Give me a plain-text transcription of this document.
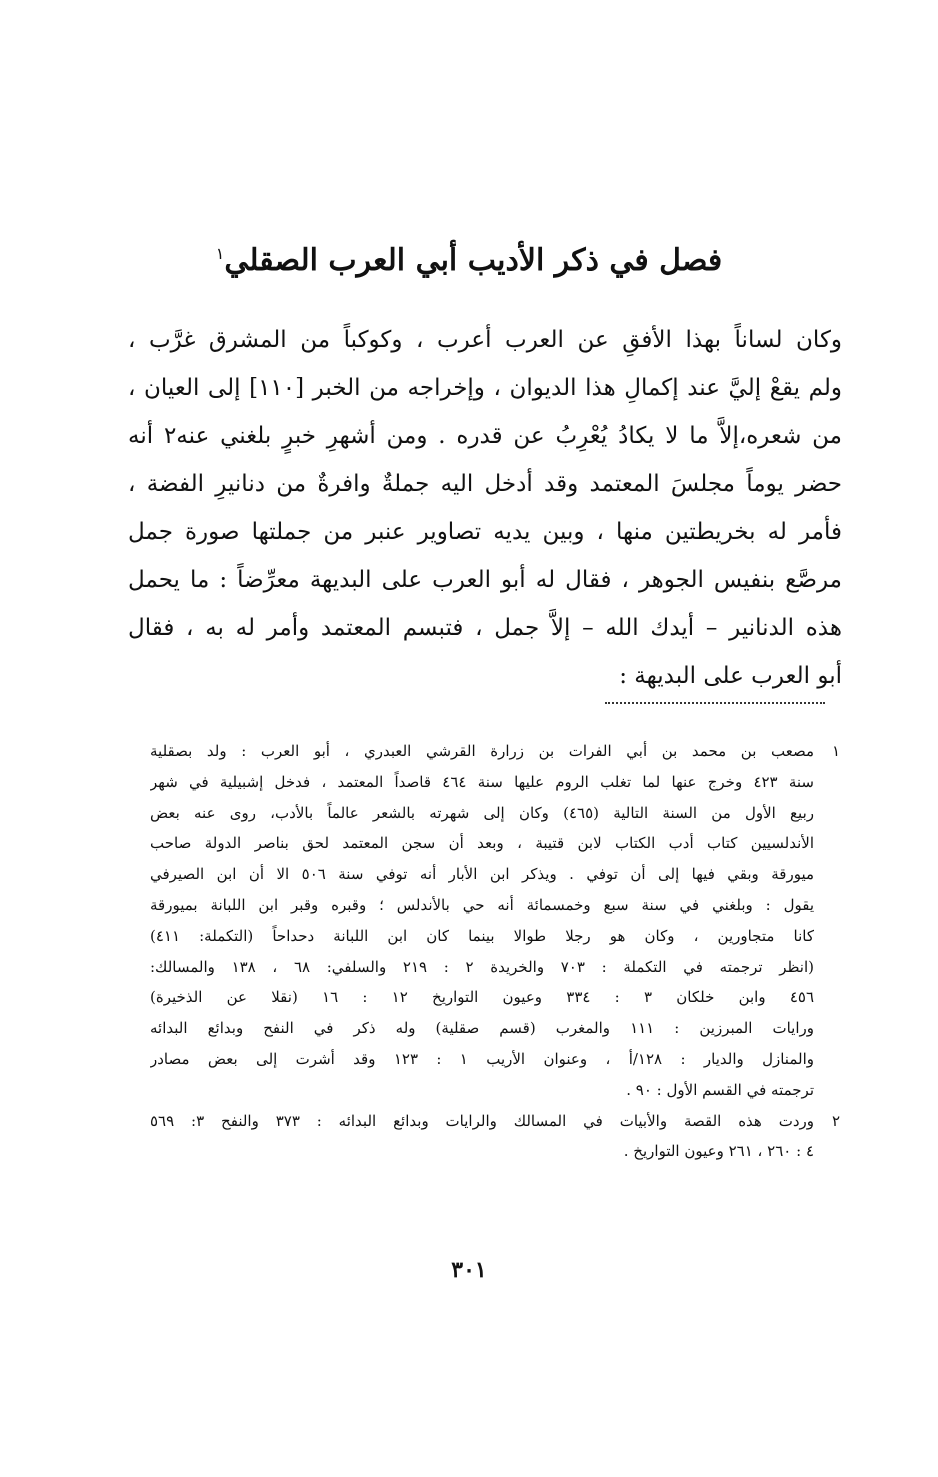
فصل في ذكر الأديب أبي العرب الصقلي$^١$
وكان لساناً بهذا الأفقِ عن العرب أعرب ، وكوكباً من المشرق غرَّب ،
ولم يقعْ إليَّ عند إكمالِ هذا الديوان ، وإخراجه من الخبر [١١٠] إلى العيان ،
من شعره،إلاَّ ما لا يكادُ يُعْرِبُ عن قدره . ومن أشهرِ خبرٍ بلغني عنه٢ أنه
حضر يوماً مجلسَ المعتمد وقد أدخل اليه جملةٌ وافرةٌ من دنانيرِ الفضة ،
فأمر له بخريطتين منها ، وبين يديه تصاوير عنبر من جملتها صورة جمل
مرصَّع بنفيس الجوهر ، فقال له أبو العرب على البديهة معرِّضاً : ما يحمل
هذه الدنانير – أيدك الله – إلاَّ جمل ، فتبسم المعتمد وأمر له به ، فقال
أبو العرب على البديهة :
١
مصعب بن محمد بن أبي الفرات بن زرارة القرشي العبدري ، أبو العرب : ولد بصقلية
سنة ٤٢٣ وخرج عنها لما تغلب الروم عليها سنة ٤٦٤ قاصداً المعتمد ، فدخل إشبيلية في شهر
ربيع الأول من السنة التالية (٤٦٥) وكان إلى شهرته بالشعر عالماً بالأدب، روى عنه بعض
الأندلسيين كتاب أدب الكتاب لابن قتيبة ، وبعد أن سجن المعتمد لحق بناصر الدولة صاحب
ميورقة وبقي فيها إلى أن توفي . ويذكر ابن الأبار أنه توفي سنة ٥٠٦ الا أن ابن الصيرفي
يقول : وبلغني في سنة سبع وخمسمائة أنه حي بالأندلس ؛ وقبره وقبر ابن اللبانة بميورقة
كانا متجاورين ، وكان هو رجلا طوالا بينما كان ابن اللبانة دحداحاً (التكملة: ٤١١)
(انظر ترجمته في التكملة : ٧٠٣ والخريدة ٢ : ٢١٩ والسلفي: ٦٨ ، ١٣٨ والمسالك:
٤٥٦ وابن خلكان ٣ : ٣٣٤ وعيون التواريخ ١٢ : ١٦ (نقلا عن الذخيرة)
ورايات المبرزين : ١١١ والمغرب (قسم صقلية) وله ذكر في النفح وبدائع البدائه
والمنازل والديار : ١٢٨/أ ، وعنوان الأريب ١ : ١٢٣ وقد أشرت إلى بعض مصادر
ترجمته في القسم الأول : ٩٠ .
٢
وردت هذه القصة والأبيات في المسالك والرايات وبدائع البدائه : ٣٧٣ والنفح ٣: ٥٦٩
٤ : ٢٦٠ ، ٢٦١ وعيون التواريخ .
٣٠١
